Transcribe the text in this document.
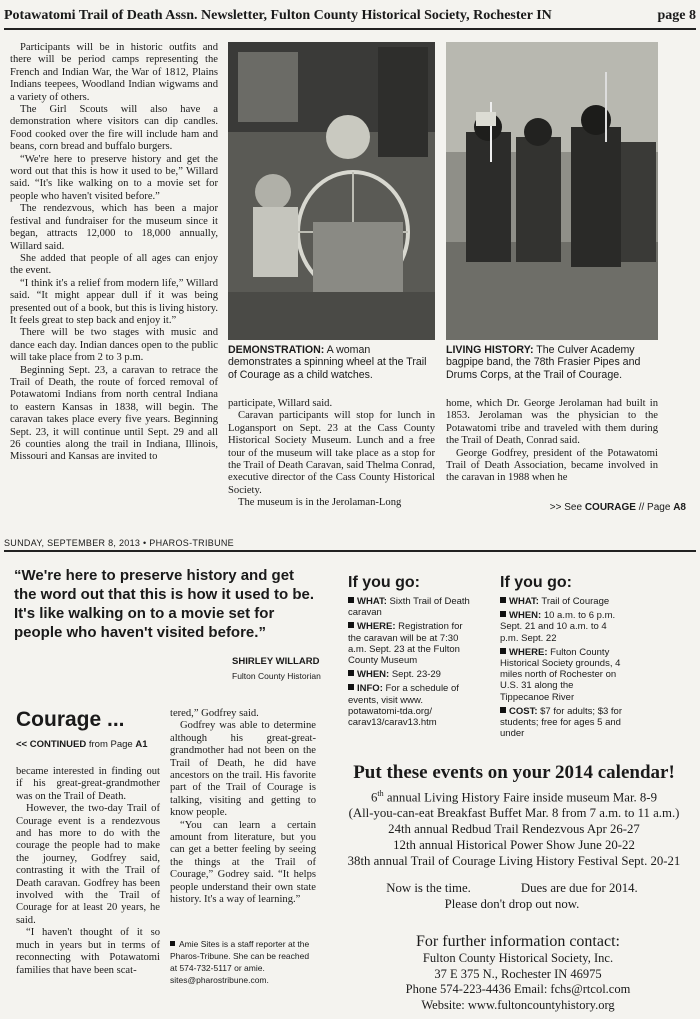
Potawatomi Trail of Death Assn. Newsletter, Fulton County Historical Society, Rochester IN	page 8

Participants will be in historic outfits and there will be period camps representing the French and Indian War, the War of 1812, Plains Indians teepees, Woodland Indian wigwams and a variety of others.

The Girl Scouts will also have a demonstration where visitors can dip candles. Food cooked over the fire will include ham and beans, corn bread and buffalo burgers.

“We're here to preserve history and get the word out that this is how it used to be,” Willard said. “It's like walking on to a movie set for people who haven't visited before.”

The rendezvous, which has been a major festival and fundraiser for the museum since it began, attracts 12,000 to 18,000 annually, Willard said.

She added that people of all ages can enjoy the event.

“I think it's a relief from modern life,” Willard said. “It might appear dull if it was being presented out of a book, but this is living history. It feels great to step back and enjoy it.”

There will be two stages with music and dance each day. Indian dances open to the public will take place from 2 to 3 p.m.

Beginning Sept. 23, a caravan to retrace the Trail of Death, the route of forced removal of Potawatomi Indians from north central Indiana to eastern Kansas in 1838, will begin. The caravan takes place every five years. Beginning Sept. 23, it will continue until Sept. 29 and all 26 counties along the trail in Indiana, Illinois, Missouri and Kansas are invited to

DEMONSTRATION: A woman demonstrates a spinning wheel at the Trail of Courage as a child watches.
LIVING HISTORY: The Culver Academy bagpipe band, the 78th Frasier Pipes and Drums Corps, at the Trail of Courage.

participate, Willard said.

Caravan participants will stop for lunch in Logansport on Sept. 23 at the Cass County Historical Society Museum. Lunch and a free tour of the museum will take place as a stop for the Trail of Death Caravan, said Thelma Conrad, executive director of the Cass County Historical Society.

The museum is in the Jerolaman-Long

home, which Dr. George Jerolaman had built in 1853. Jerolaman was the physician to the Potawatomi tribe and traveled with them during the Trail of Death, Conrad said.

George Godfrey, president of the Potawatomi Trail of Death Association, became involved in the caravan in 1988 when he

>> See COURAGE // Page A8
SUNDAY, SEPTEMBER 8, 2013 • PHAROS-TRIBUNE
“We're here to preserve history and get the word out that this is how it used to be. It's like walking on to a movie set for people who haven't visited before.”
SHIRLEY WILLARD
Fulton County Historian
If you go:
WHAT: Sixth Trail of Death caravan
WHERE: Registration for the caravan will be at 7:30 a.m. Sept. 23 at the Fulton County Museum
WHEN: Sept. 23-29
INFO: For a schedule of events, visit www. potawatomi-tda.org/ carav13/carav13.htm
If you go:
WHAT: Trail of Courage
WHEN: 10 a.m. to 6 p.m. Sept. 21 and 10 a.m. to 4 p.m. Sept. 22
WHERE: Fulton County Historical Society grounds, 4 miles north of Rochester on U.S. 31 along the Tippecanoe River
COST: $7 for adults; $3 for students; free for ages 5 and under
Courage ...
<< CONTINUED from Page A1

became interested in finding out if his great-great-grandmother was on the Trail of Death.

However, the two-day Trail of Courage event is a rendezvous and has more to do with the courage the people had to make the journey, Godfrey said, contrasting it with the Trail of Death caravan. Godfrey has been involved with the Trail of Courage for at least 20 years, he said.

“I haven't thought of it so much in years but in terms of reconnecting with Potawatomi families that have been scat-

tered,” Godfrey said.

Godfrey was able to determine although his great-great-grandmother had not been on the Trail of Death, he did have ancestors on the trail. His favorite part of the Trail of Courage is talking, visiting and getting to know people.

“You can learn a certain amount from literature, but you can get a better feeling by seeing the things at the Trail of Courage,” Godrey said. “It helps people understand their own state history. It's a way of learning.”

Amie Sites is a staff reporter at the Pharos-Tribune. She can be reached at 574-732-5117 or amie. sites@pharostribune.com.
Put these events on your 2014 calendar!
6th annual Living History Faire inside museum Mar. 8-9
(All-you-can-eat Breakfast Buffet Mar. 8 from 7 a.m. to 11 a.m.)
24th annual Redbud Trail Rendezvous Apr 26-27
12th annual Historical Power Show June 20-22
38th annual Trail of Courage Living History Festival Sept. 20-21
Now is the time.	Dues are due for 2014.
Please don't drop out now.
For further information contact:
Fulton County Historical Society, Inc.
37 E 375 N., Rochester IN 46975
Phone 574-223-4436 Email: fchs@rtcol.com
Website: www.fultoncountyhistory.org
